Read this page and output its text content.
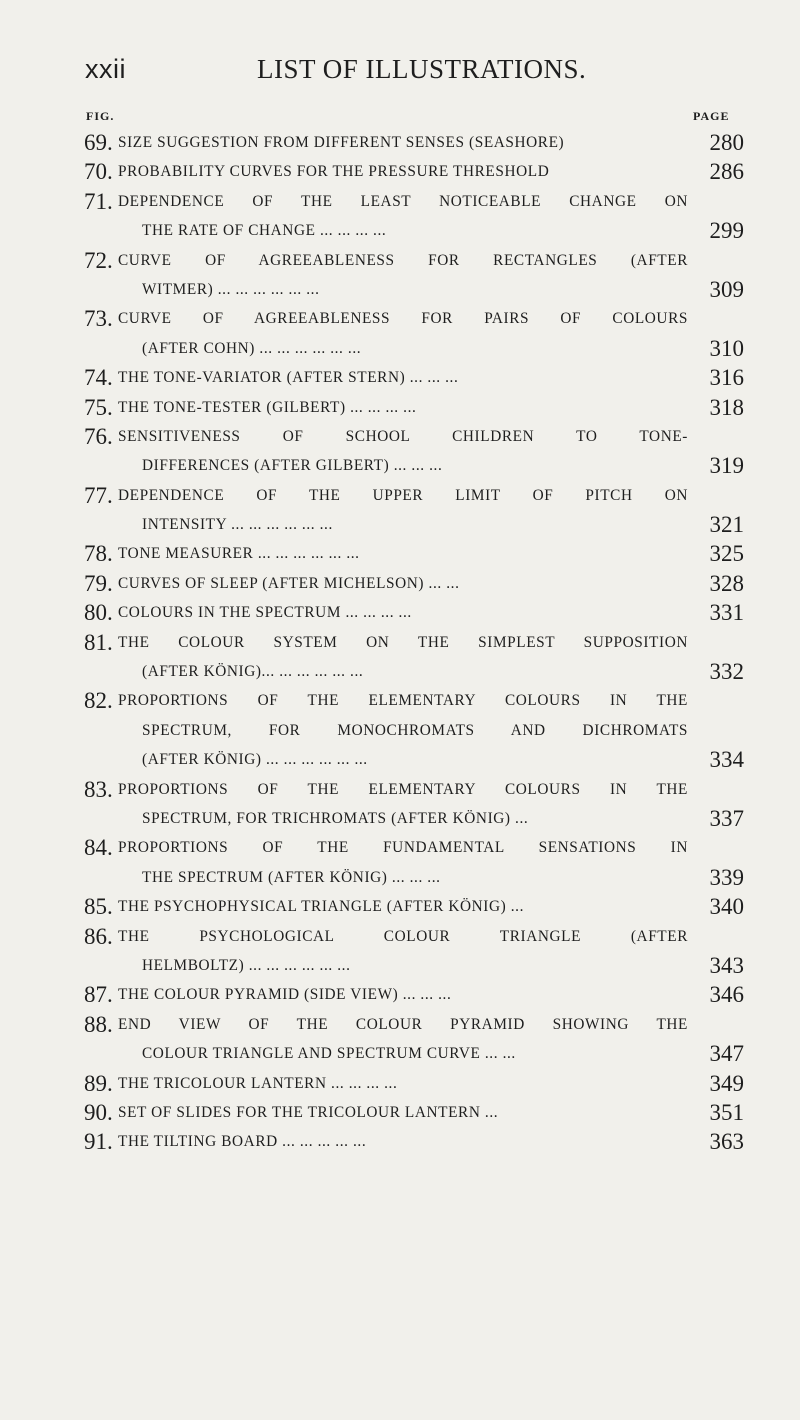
xxii	LIST OF ILLUSTRATIONS.
FIG.	PAGE
69. SIZE SUGGESTION FROM DIFFERENT SENSES (SEASHORE)	280
70. PROBABILITY CURVES FOR THE PRESSURE THRESHOLD	286
71. DEPENDENCE OF THE LEAST NOTICEABLE CHANGE ON
THE RATE OF CHANGE ... ... ... ...	299
72. CURVE OF AGREEABLENESS FOR RECTANGLES (AFTER
WITMER) ... ... ... ... ... ...	309
73. CURVE OF AGREEABLENESS FOR PAIRS OF COLOURS
(AFTER COHN) ... ... ... ... ... ...	310
74. THE TONE-VARIATOR (AFTER STERN) ... ... ...	316
75. THE TONE-TESTER (GILBERT) ... ... ... ...	318
76. SENSITIVENESS OF SCHOOL CHILDREN TO TONE-
DIFFERENCES (AFTER GILBERT) ... ... ...	319
77. DEPENDENCE OF THE UPPER LIMIT OF PITCH ON
INTENSITY ... ... ... ... ... ...	321
78. TONE MEASURER ... ... ... ... ... ...	325
79. CURVES OF SLEEP (AFTER MICHELSON) ... ...	328
80. COLOURS IN THE SPECTRUM ... ... ... ...	331
81. THE COLOUR SYSTEM ON THE SIMPLEST SUPPOSITION
(AFTER KÖNIG)... ... ... ... ... ...	332
82. PROPORTIONS OF THE ELEMENTARY COLOURS IN THE
SPECTRUM, FOR MONOCHROMATS AND DICHROMATS
(AFTER KÖNIG) ... ... ... ... ... ...	334
83. PROPORTIONS OF THE ELEMENTARY COLOURS IN THE
SPECTRUM, FOR TRICHROMATS (AFTER KÖNIG) ...	337
84. PROPORTIONS OF THE FUNDAMENTAL SENSATIONS IN
THE SPECTRUM (AFTER KÖNIG) ... ... ...	339
85. THE PSYCHOPHYSICAL TRIANGLE (AFTER KÖNIG) ...	340
86. THE PSYCHOLOGICAL COLOUR TRIANGLE (AFTER
HELMBOLTZ) ... ... ... ... ... ...	343
87. THE COLOUR PYRAMID (SIDE VIEW) ... ... ...	346
88. END VIEW OF THE COLOUR PYRAMID SHOWING THE
COLOUR TRIANGLE AND SPECTRUM CURVE ... ...	347
89. THE TRICOLOUR LANTERN ... ... ... ...	349
90. SET OF SLIDES FOR THE TRICOLOUR LANTERN ...	351
91. THE TILTING BOARD ... ... ... ... ...	363
